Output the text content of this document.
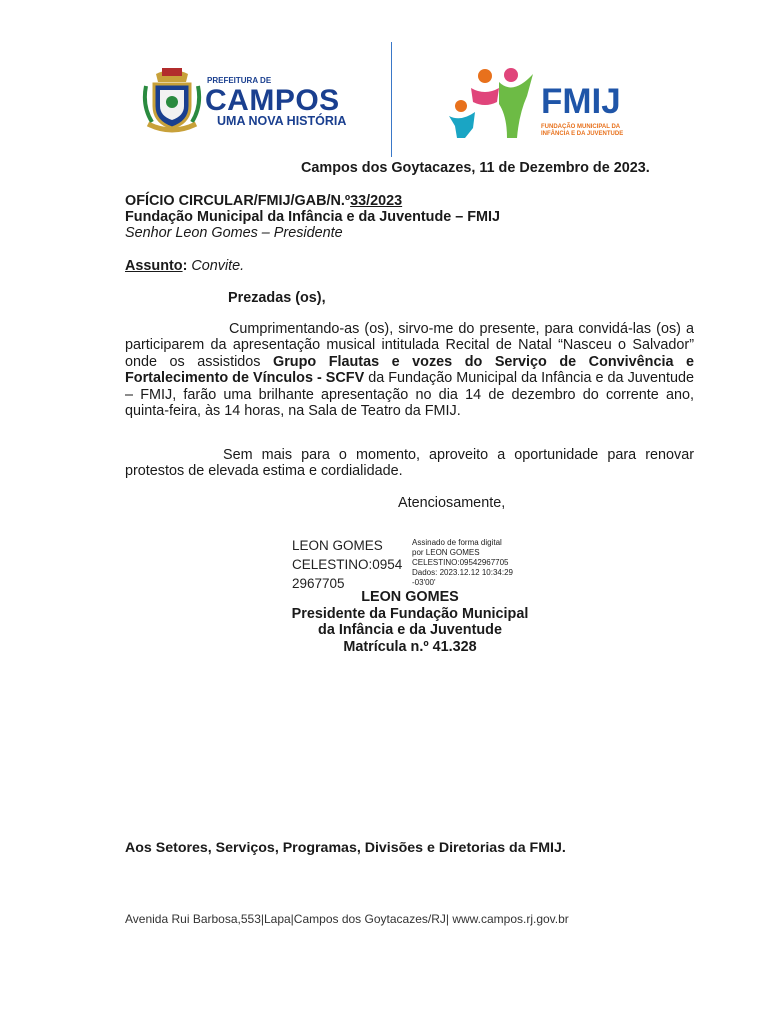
PREFEITURA DE
CAMPOS
UMA NOVA HISTÓRIA	FMIJ
FUNDAÇÃO MUNICIPAL DA
INFÂNCIA E DA JUVENTUDE
Campos dos Goytacazes, 11 de Dezembro de 2023.
OFÍCIO CIRCULAR/FMIJ/GAB/N.º33/2023
Fundação Municipal da Infância e da Juventude – FMIJ
Senhor Leon Gomes – Presidente
Assunto: Convite.
Prezadas (os),
Cumprimentando-as (os), sirvo-me do presente, para convidá-las (os) a participarem da apresentação musical intitulada Recital de Natal “Nasceu o Salvador” onde os assistidos Grupo Flautas e vozes do Serviço de Convivência e Fortalecimento de Vínculos - SCFV da Fundação Municipal da Infância e da Juventude – FMIJ, farão uma brilhante apresentação no dia 14 de dezembro do corrente ano, quinta-feira, às 14 horas, na Sala de Teatro da FMIJ.
Sem mais para o momento, aproveito a oportunidade para renovar protestos de elevada estima e cordialidade.
Atenciosamente,
LEON GOMES
CELESTINO:0954
2967705
Assinado de forma digital
por LEON GOMES
CELESTINO:09542967705
Dados: 2023.12.12 10:34:29
-03'00'
LEON GOMES
Presidente da Fundação Municipal
da Infância e da Juventude
Matrícula n.º 41.328
Aos Setores, Serviços, Programas, Divisões e Diretorias da FMIJ.
Avenida Rui Barbosa,553|Lapa|Campos dos Goytacazes/RJ| www.campos.rj.gov.br
